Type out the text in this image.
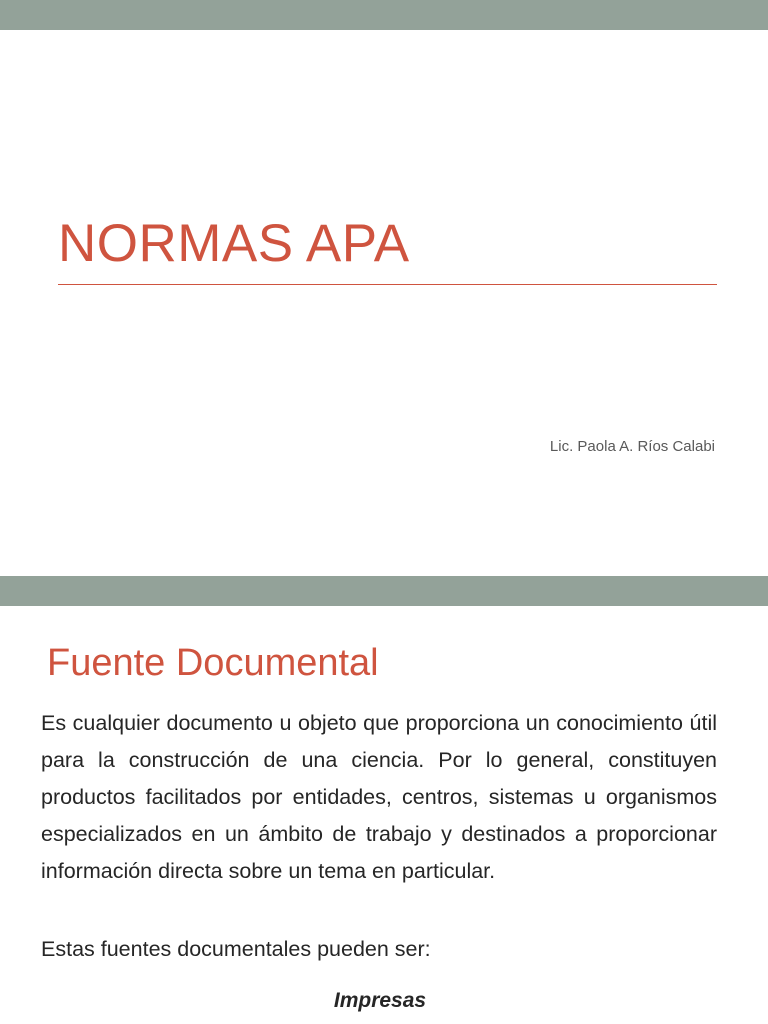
NORMAS APA
Lic. Paola A. Ríos Calabi
Fuente Documental

Es cualquier documento u objeto que proporciona un conocimiento útil para la construcción de una ciencia. Por lo general, constituyen productos facilitados por entidades, centros, sistemas u organismos especializados en un ámbito de trabajo y destinados a proporcionar información directa sobre un tema en particular.

Estas fuentes documentales pueden ser:

Impresas
